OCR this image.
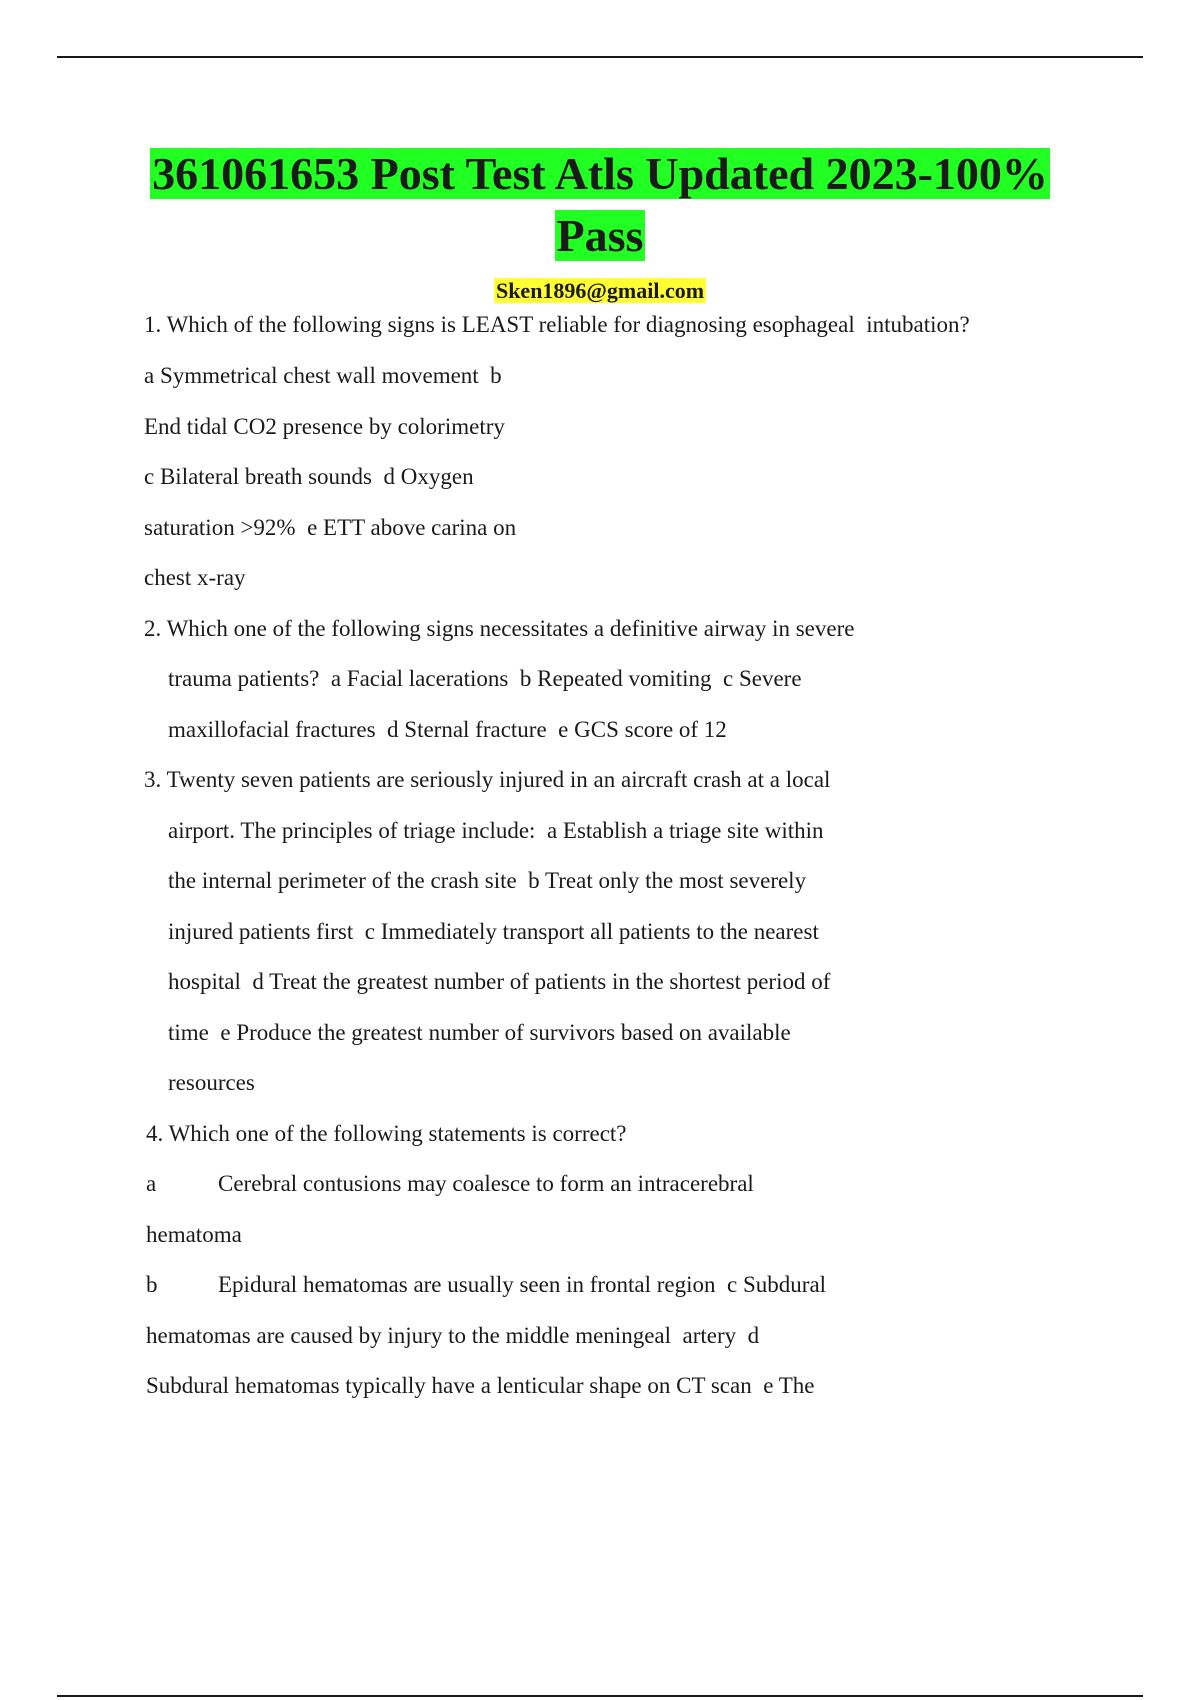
361061653 Post Test Atls Updated 2023-100%
Pass
Sken1896@gmail.com
1. Which of the following signs is LEAST reliable for diagnosing esophageal  intubation?
a Symmetrical chest wall movement  b
End tidal CO2 presence by colorimetry
c Bilateral breath sounds  d Oxygen
saturation >92%  e ETT above carina on
chest x-ray
2. Which one of the following signs necessitates a definitive airway in severe
trauma patients?  a Facial lacerations  b Repeated vomiting  c Severe
maxillofacial fractures  d Sternal fracture  e GCS score of 12
3. Twenty seven patients are seriously injured in an aircraft crash at a local
airport. The principles of triage include:  a Establish a triage site within
the internal perimeter of the crash site  b Treat only the most severely
injured patients first  c Immediately transport all patients to the nearest
hospital  d Treat the greatest number of patients in the shortest period of
time  e Produce the greatest number of survivors based on available
resources
4. Which one of the following statements is correct?
a	Cerebral contusions may coalesce to form an intracerebral
hematoma
b	Epidural hematomas are usually seen in frontal region  c Subdural
hematomas are caused by injury to the middle meningeal  artery  d
Subdural hematomas typically have a lenticular shape on CT scan  e The
